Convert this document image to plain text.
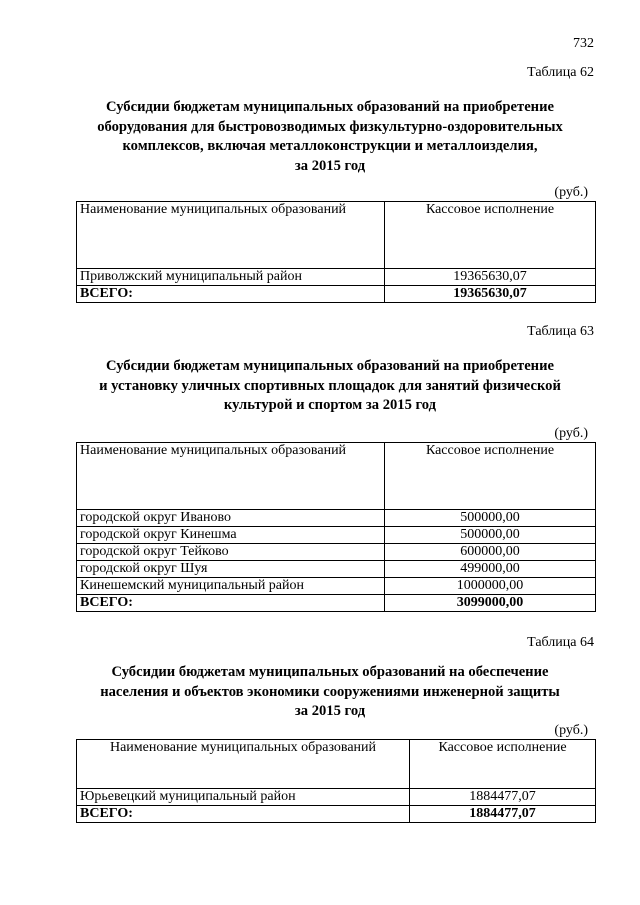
732
Таблица 62
Субсидии бюджетам муниципальных образований на приобретение
оборудования для быстровозводимых физкультурно-оздоровительных
комплексов, включая металлоконструкции и металлоизделия,
за 2015 год
(руб.)
Наименование муниципальных образований	Кассовое исполнение
Приволжский муниципальный район	19365630,07
ВСЕГО:	19365630,07
Таблица 63
Субсидии бюджетам муниципальных образований на приобретение
и установку уличных спортивных площадок для занятий физической
культурой и спортом за 2015 год
(руб.)
Наименование муниципальных образований	Кассовое исполнение
городской округ Иваново	500000,00
городской округ Кинешма	500000,00
городской округ Тейково	600000,00
городской округ Шуя	499000,00
Кинешемский муниципальный район	1000000,00
ВСЕГО:	3099000,00
Таблица 64
Субсидии бюджетам муниципальных образований на обеспечение
населения и объектов экономики сооружениями инженерной защиты
за 2015 год
(руб.)
Наименование муниципальных образований	Кассовое исполнение
Юрьевецкий муниципальный район	1884477,07
ВСЕГО:	1884477,07
